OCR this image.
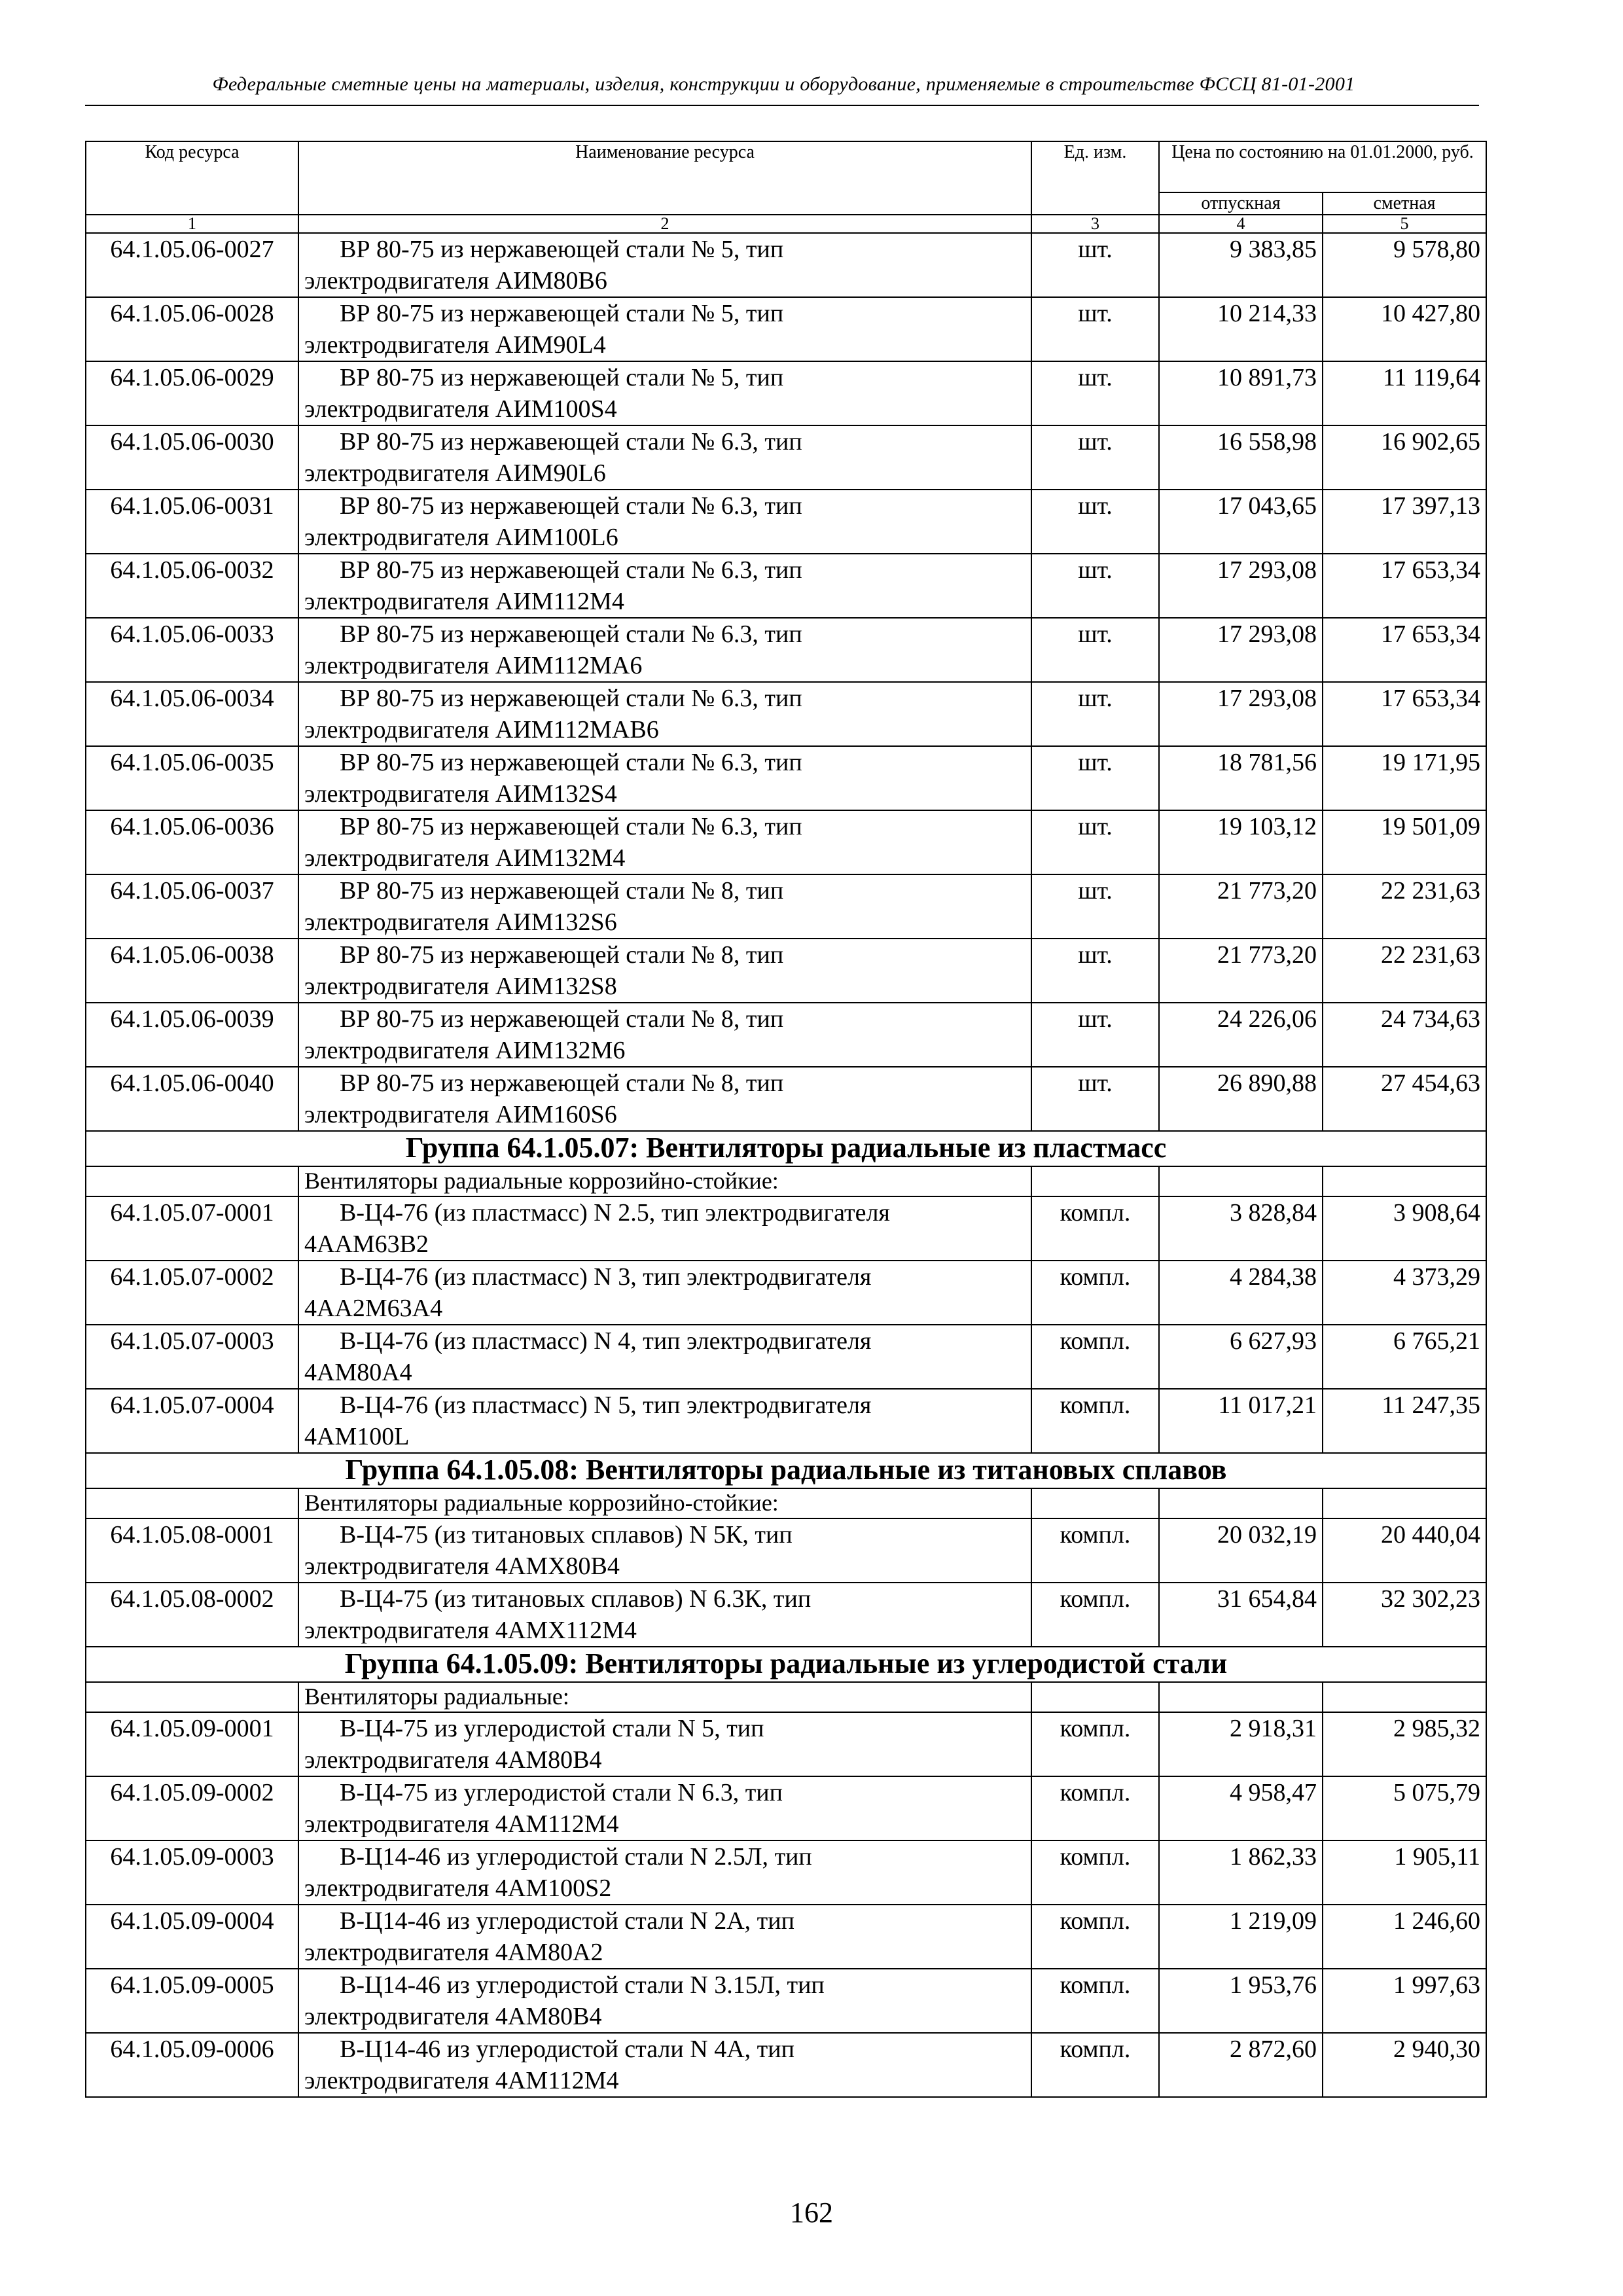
Федеральные сметные цены на материалы, изделия, конструкции и оборудование, применяемые в строительстве ФССЦ 81-01-2001
Код ресурса	Наименование ресурса	Ед. изм.	Цена по состоянию на 01.01.2000, руб.	
			отпускная	сметная
1	2	3	4	5
64.1.05.06-0027	ВР 80-75 из нержавеющей стали № 5, тип
электродвигателя АИМ80В6	шт.	9 383,85	9 578,80
64.1.05.06-0028	ВР 80-75 из нержавеющей стали № 5, тип
электродвигателя АИМ90L4	шт.	10 214,33	10 427,80
64.1.05.06-0029	ВР 80-75 из нержавеющей стали № 5, тип
электродвигателя АИМ100S4	шт.	10 891,73	11 119,64
64.1.05.06-0030	ВР 80-75 из нержавеющей стали № 6.3, тип
электродвигателя АИМ90L6	шт.	16 558,98	16 902,65
64.1.05.06-0031	ВР 80-75 из нержавеющей стали № 6.3, тип
электродвигателя АИМ100L6	шт.	17 043,65	17 397,13
64.1.05.06-0032	ВР 80-75 из нержавеющей стали № 6.3, тип
электродвигателя АИМ112М4	шт.	17 293,08	17 653,34
64.1.05.06-0033	ВР 80-75 из нержавеющей стали № 6.3, тип
электродвигателя АИМ112МА6	шт.	17 293,08	17 653,34
64.1.05.06-0034	ВР 80-75 из нержавеющей стали № 6.3, тип
электродвигателя АИМ112МАВ6	шт.	17 293,08	17 653,34
64.1.05.06-0035	ВР 80-75 из нержавеющей стали № 6.3, тип
электродвигателя АИМ132S4	шт.	18 781,56	19 171,95
64.1.05.06-0036	ВР 80-75 из нержавеющей стали № 6.3, тип
электродвигателя АИМ132М4	шт.	19 103,12	19 501,09
64.1.05.06-0037	ВР 80-75 из нержавеющей стали № 8, тип
электродвигателя АИМ132S6	шт.	21 773,20	22 231,63
64.1.05.06-0038	ВР 80-75 из нержавеющей стали № 8, тип
электродвигателя АИМ132S8	шт.	21 773,20	22 231,63
64.1.05.06-0039	ВР 80-75 из нержавеющей стали № 8, тип
электродвигателя АИМ132М6	шт.	24 226,06	24 734,63
64.1.05.06-0040	ВР 80-75 из нержавеющей стали № 8, тип
электродвигателя АИМ160S6	шт.	26 890,88	27 454,63
Группа 64.1.05.07: Вентиляторы радиальные из пластмасс				
	Вентиляторы радиальные коррозийно-стойкие:			
64.1.05.07-0001	В-Ц4-76 (из пластмасс) N 2.5, тип электродвигателя
4ААМ63В2	компл.	3 828,84	3 908,64
64.1.05.07-0002	В-Ц4-76 (из пластмасс) N 3, тип электродвигателя
4АА2М63А4	компл.	4 284,38	4 373,29
64.1.05.07-0003	В-Ц4-76 (из пластмасс) N 4, тип электродвигателя
4АМ80А4	компл.	6 627,93	6 765,21
64.1.05.07-0004	В-Ц4-76 (из пластмасс) N 5, тип электродвигателя
4АМ100L	компл.	11 017,21	11 247,35
Группа 64.1.05.08: Вентиляторы радиальные из титановых сплавов				
	Вентиляторы радиальные коррозийно-стойкие:			
64.1.05.08-0001	В-Ц4-75 (из титановых сплавов) N 5К, тип
электродвигателя 4АМХ80В4	компл.	20 032,19	20 440,04
64.1.05.08-0002	В-Ц4-75 (из титановых сплавов) N 6.3К, тип
электродвигателя 4АМХ112М4	компл.	31 654,84	32 302,23
Группа 64.1.05.09: Вентиляторы радиальные из углеродистой стали				
	Вентиляторы радиальные:			
64.1.05.09-0001	В-Ц4-75 из углеродистой стали N 5, тип
электродвигателя 4АМ80В4	компл.	2 918,31	2 985,32
64.1.05.09-0002	В-Ц4-75 из углеродистой стали N 6.3, тип
электродвигателя 4АМ112М4	компл.	4 958,47	5 075,79
64.1.05.09-0003	В-Ц14-46 из углеродистой стали N 2.5Л, тип
электродвигателя 4АМ100S2	компл.	1 862,33	1 905,11
64.1.05.09-0004	В-Ц14-46 из углеродистой стали N 2А, тип
электродвигателя 4АМ80А2	компл.	1 219,09	1 246,60
64.1.05.09-0005	В-Ц14-46 из углеродистой стали N 3.15Л, тип
электродвигателя 4АМ80В4	компл.	1 953,76	1 997,63
64.1.05.09-0006	В-Ц14-46 из углеродистой стали N 4А, тип
электродвигателя 4АМ112М4	компл.	2 872,60	2 940,30
162
